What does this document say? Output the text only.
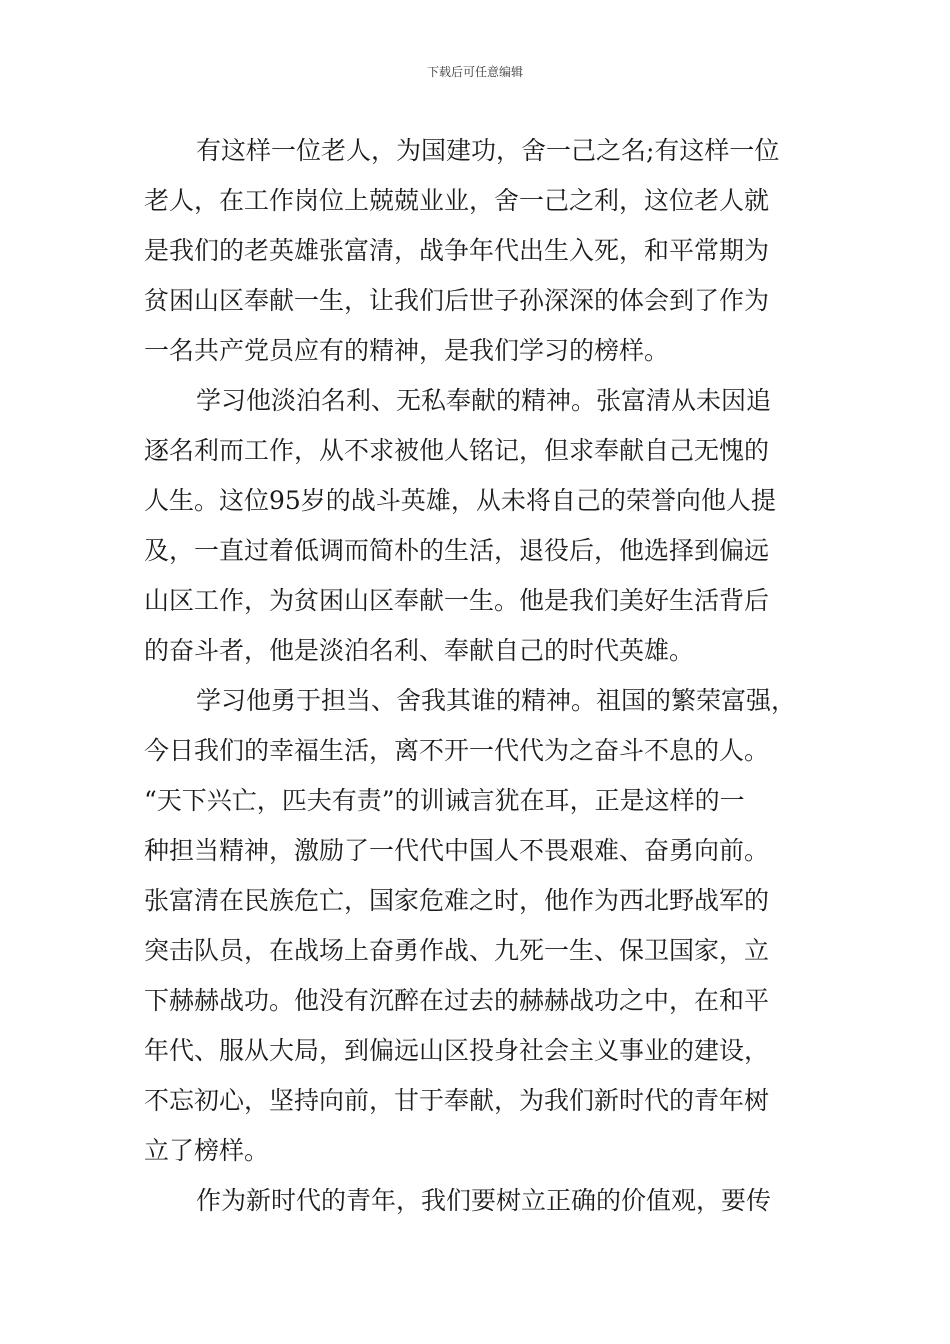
下载后可任意编辑
有这样一位老人，为国建功，舍一己之名;有这样一位
老人，在工作岗位上兢兢业业，舍一己之利，这位老人就
是我们的老英雄张富清，战争年代出生入死，和平常期为
贫困山区奉献一生，让我们后世子孙深深的体会到了作为
一名共产党员应有的精神，是我们学习的榜样。
学习他淡泊名利、无私奉献的精神。张富清从未因追
逐名利而工作，从不求被他人铭记，但求奉献自己无愧的
人生。这位95岁的战斗英雄，从未将自己的荣誉向他人提
及，一直过着低调而简朴的生活，退役后，他选择到偏远
山区工作，为贫困山区奉献一生。他是我们美好生活背后
的奋斗者，他是淡泊名利、奉献自己的时代英雄。
学习他勇于担当、舍我其谁的精神。祖国的繁荣富强，
今日我们的幸福生活，离不开一代代为之奋斗不息的人。
“天下兴亡，匹夫有责”的训诫言犹在耳，正是这样的一
种担当精神，激励了一代代中国人不畏艰难、奋勇向前。
张富清在民族危亡，国家危难之时，他作为西北野战军的
突击队员，在战场上奋勇作战、九死一生、保卫国家，立
下赫赫战功。他没有沉醉在过去的赫赫战功之中，在和平
年代、服从大局，到偏远山区投身社会主义事业的建设，
不忘初心，坚持向前，甘于奉献，为我们新时代的青年树
立了榜样。
作为新时代的青年，我们要树立正确的价值观，要传
